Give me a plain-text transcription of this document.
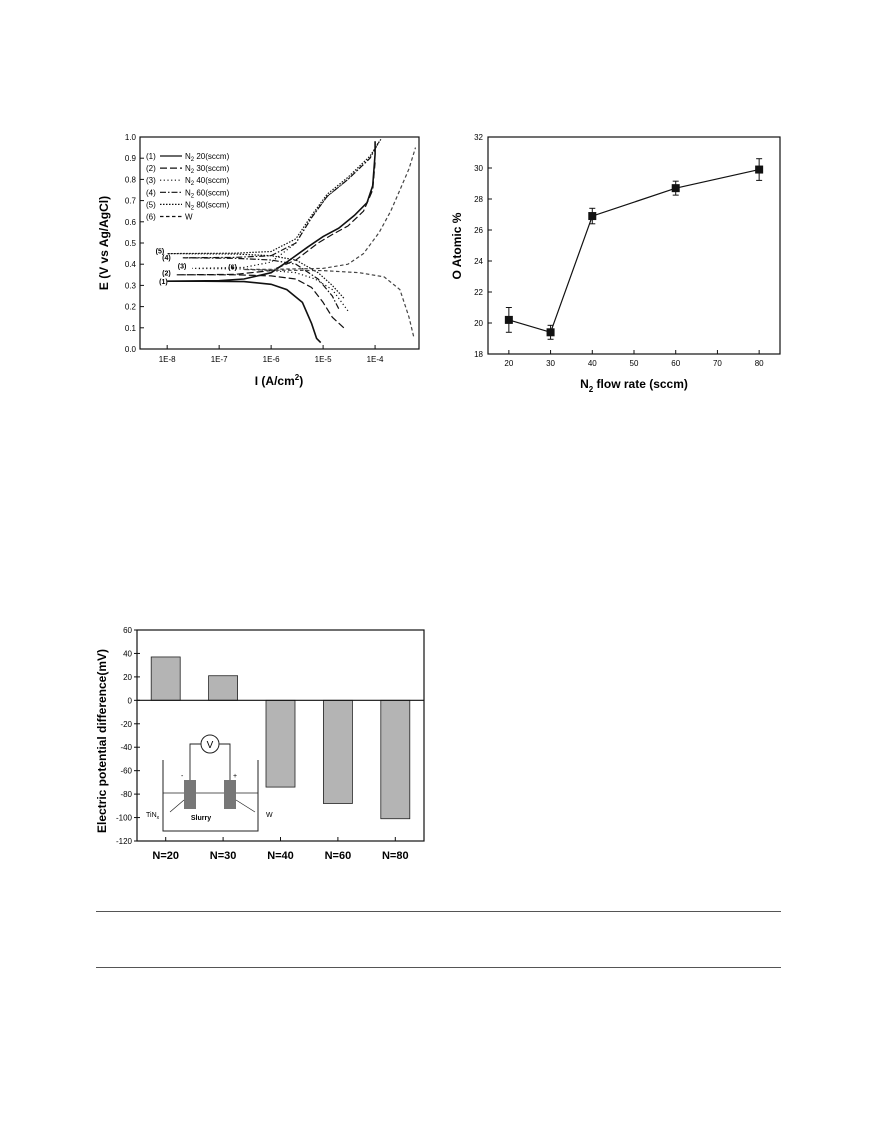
0.0
0.1
0.2
0.3
0.4
0.5
0.6
0.7
0.8
0.9
1.0
1E-8	1E-7	1E-6	1E-5	1E-4
(5)
(4)
(3)
(2)
(1)
(6)
(1)	$N_2$ 20(sccm)
(2)	$N_2$ 30(sccm)
(3)	$N_2$ 40(sccm)
(4)	$N_2$ 60(sccm)
(5)	$N_2$ 80(sccm)
(6)	W
E (V vs Ag/AgCl)
I $(A/cm^2)$
18
20
22
24
26
28
30
32
20	30	40	50	60	70	80
O Atomic %
$N_2$ flow rate (sccm)
60
40
20
0
-20
-40
-60
-80
-100
-120
Electric potential difference(mV)	V
-	+
TiN$_x$	W
Slurry
N=20	N=30	N=40	N=60	N=80
